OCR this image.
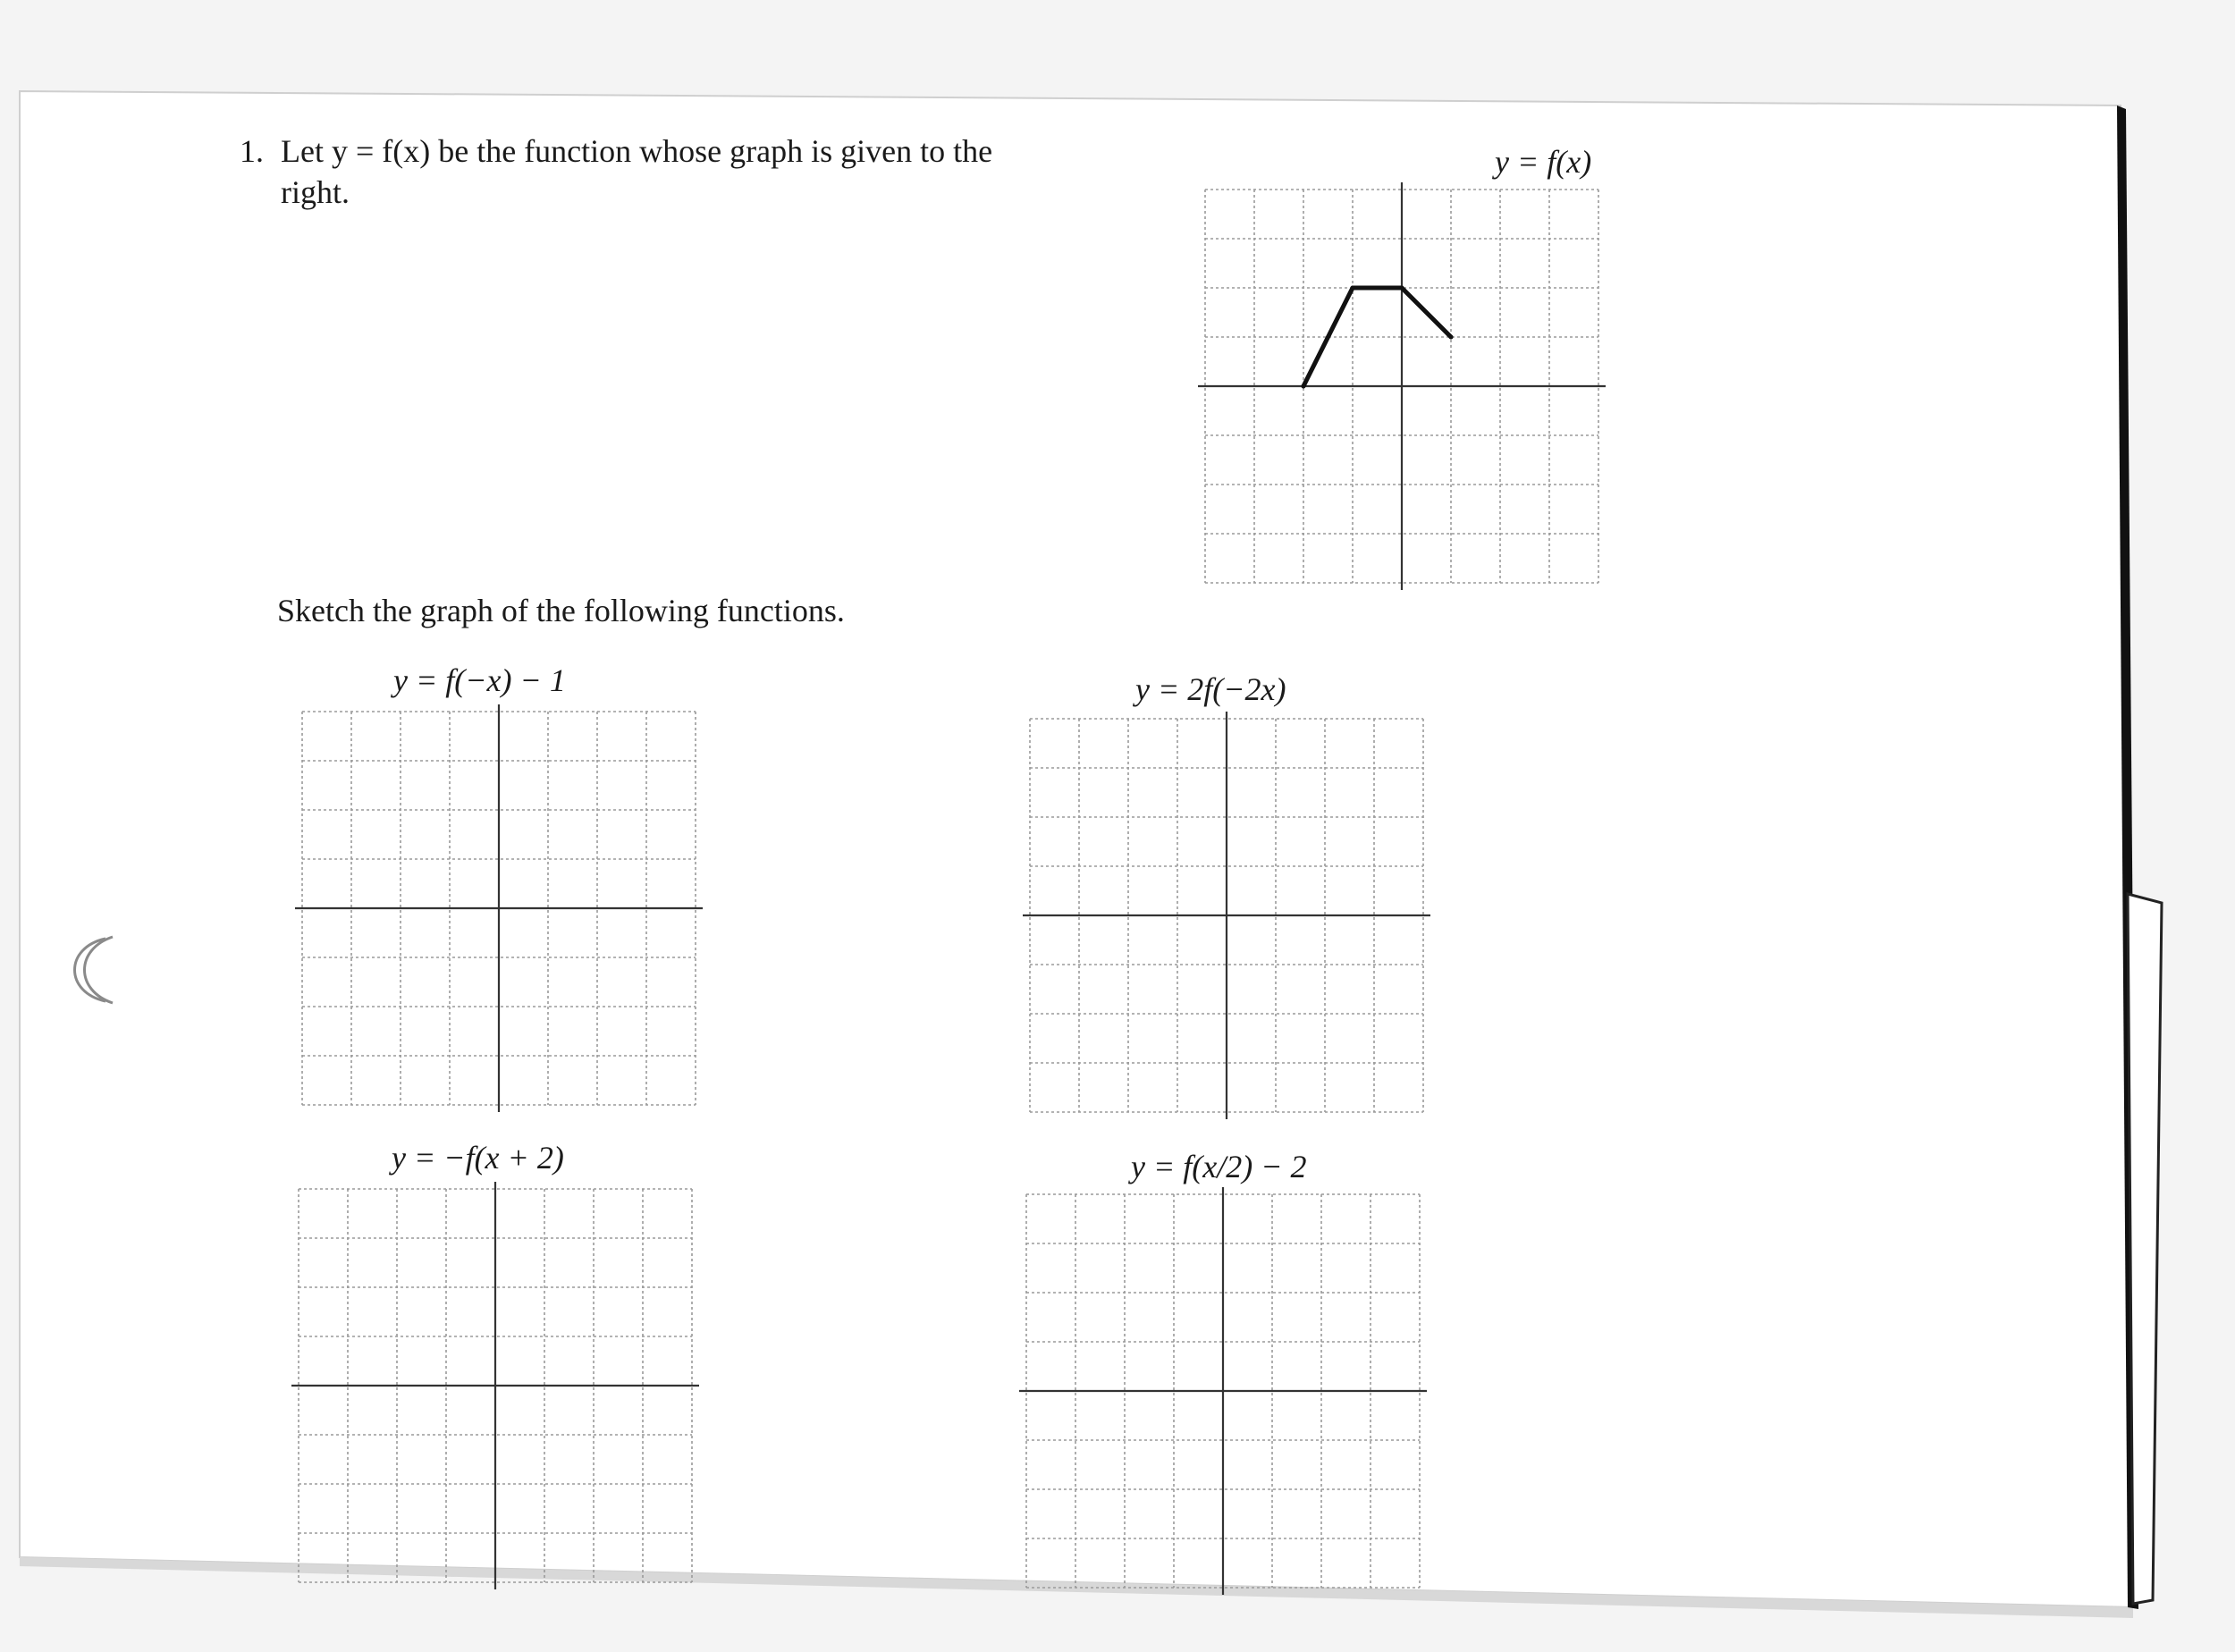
1. Let y = f(x) be the function whose graph is given to the
right.
Sketch the graph of the following functions.
y = f(x)
y = f(−x) − 1	y = 2f(−2x)
y = −f(x + 2)	y = f(x/2) − 2
